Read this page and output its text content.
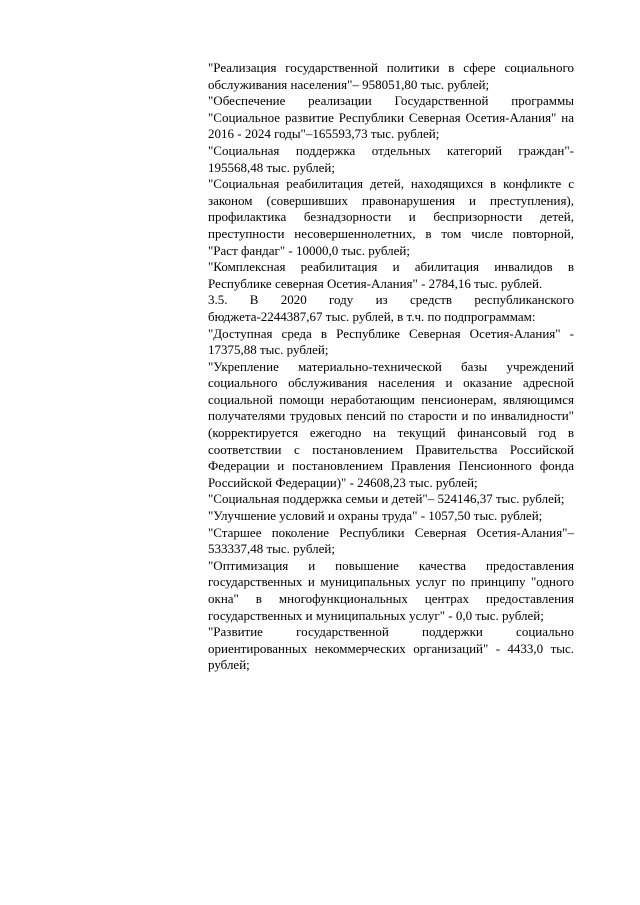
"Реализация государственной политики в сфере социального обслуживания населения"– 958051,80 тыс. рублей;

"Обеспечение реализации Государственной программы "Социальное развитие Республики Северная Осетия-Алания" на 2016 - 2024 годы"–165593,73 тыс. рублей;

"Социальная поддержка отдельных категорий граждан"- 195568,48 тыс. рублей;

"Социальная реабилитация детей, находящихся в конфликте с законом (совершивших правонарушения и преступления), профилактика безнадзорности и беспризорности детей, преступности несовершеннолетних, в том числе повторной, "Раст фандаг" - 10000,0 тыс. рублей;

"Комплексная реабилитация и абилитация инвалидов в Республике северная Осетия-Алания" - 2784,16 тыс. рублей.

3.5. В 2020 году из средств республиканского бюджета-2244387,67 тыс. рублей, в т.ч. по подпрограммам:

"Доступная среда в Республике Северная Осетия-Алания" - 17375,88 тыс. рублей;

"Укрепление материально-технической базы учреждений социального обслуживания населения и оказание адресной социальной помощи неработающим пенсионерам, являющимся получателями трудовых пенсий по старости и по инвалидности" (корректируется ежегодно на текущий финансовый год в соответствии с постановлением Правительства Российской Федерации и постановлением Правления Пенсионного фонда Российской Федерации)" - 24608,23 тыс. рублей;

"Социальная поддержка семьи и детей"– 524146,37 тыс. рублей;

"Улучшение условий и охраны труда" - 1057,50 тыс. рублей;

"Старшее поколение Республики Северная Осетия-Алания"–533337,48 тыс. рублей;

"Оптимизация и повышение качества предоставления государственных и муниципальных услуг по принципу "одного окна" в многофункциональных центрах предоставления государственных и муниципальных услуг" - 0,0 тыс. рублей;

"Развитие государственной поддержки социально ориентированных некоммерческих организаций" - 4433,0 тыс. рублей;
